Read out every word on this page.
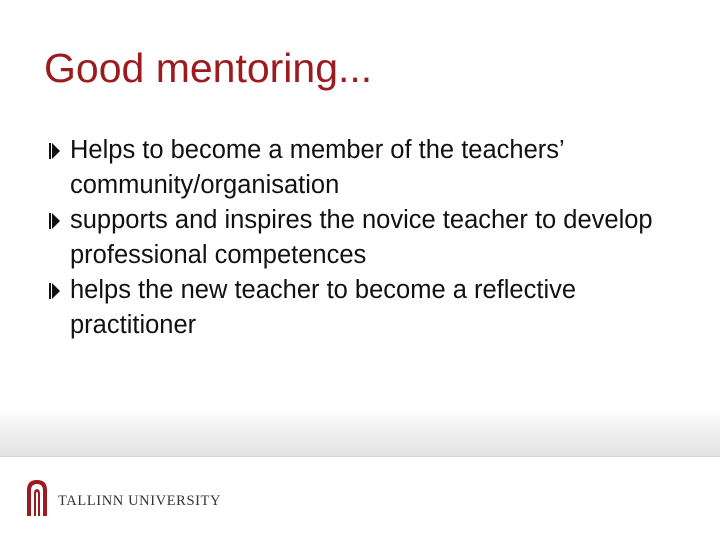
Good mentoring...
Helps to become a member of the teachers’ community/organisation
supports and inspires the novice teacher to develop professional competences
helps the new teacher to become a reflective practitioner
TALLINN UNIVERSITY
